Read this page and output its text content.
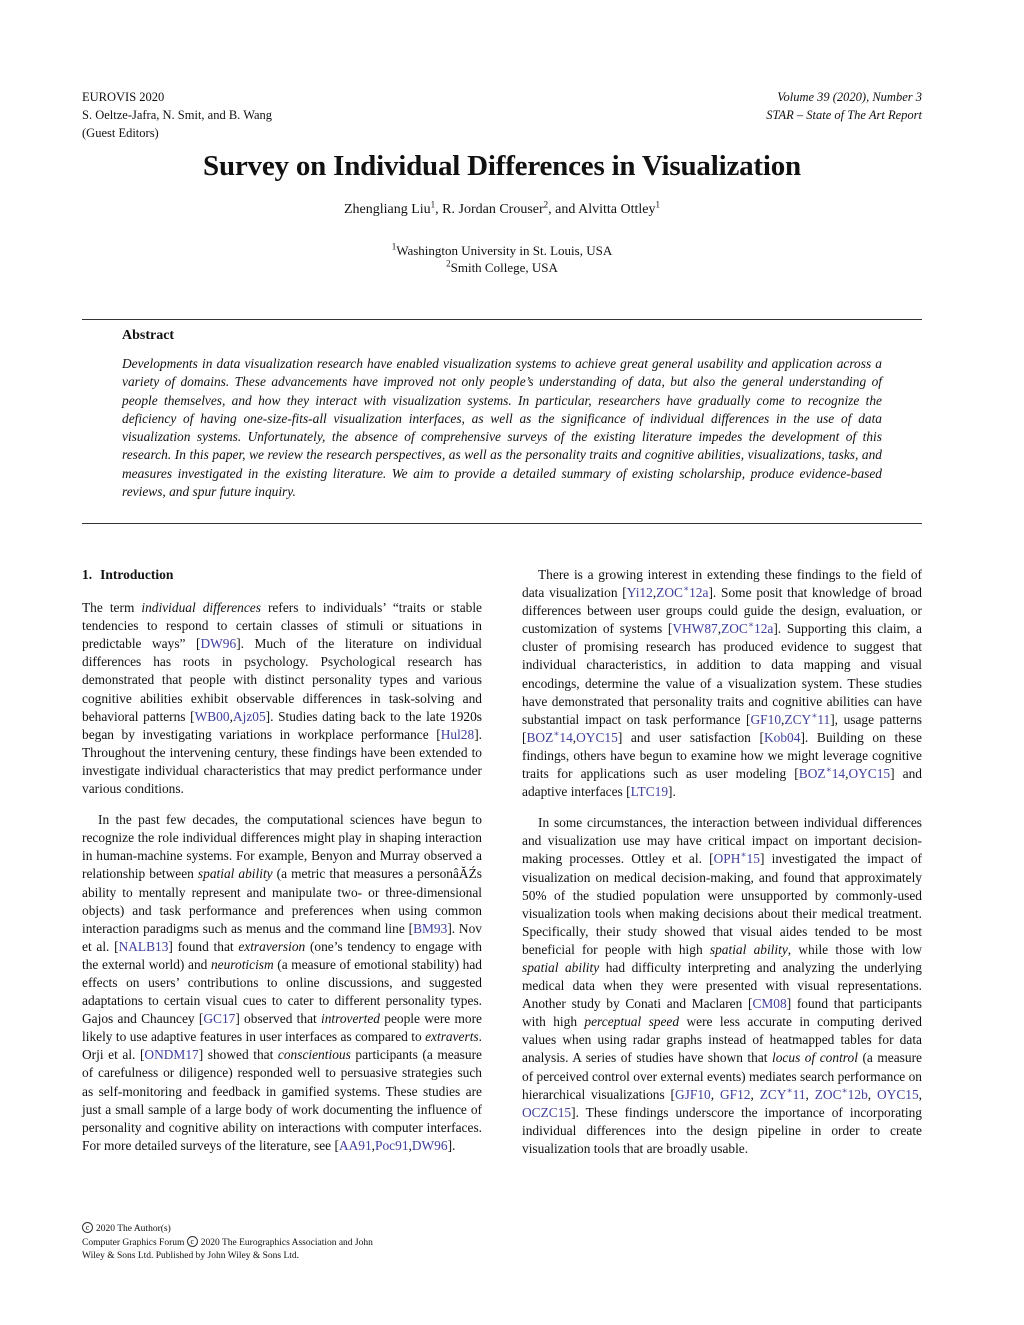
EUROVIS 2020
S. Oeltze-Jafra, N. Smit, and B. Wang
(Guest Editors)
Volume 39 (2020), Number 3
STAR – State of The Art Report
Survey on Individual Differences in Visualization
Zhengliang Liu$^1$, R. Jordan Crouser$^2$, and Alvitta Ottley$^1$
$^1$Washington University in St. Louis, USA
$^2$Smith College, USA
Abstract
Developments in data visualization research have enabled visualization systems to achieve great general usability and application across a variety of domains. These advancements have improved not only people’s understanding of data, but also the general understanding of people themselves, and how they interact with visualization systems. In particular, researchers have gradually come to recognize the deficiency of having one-size-fits-all visualization interfaces, as well as the significance of individual differences in the use of data visualization systems. Unfortunately, the absence of comprehensive surveys of the existing literature impedes the development of this research. In this paper, we review the research perspectives, as well as the personality traits and cognitive abilities, visualizations, tasks, and measures investigated in the existing literature. We aim to provide a detailed summary of existing scholarship, produce evidence-based reviews, and spur future inquiry.
1. Introduction

The term individual differences refers to individuals’ “traits or stable tendencies to respond to certain classes of stimuli or situations in predictable ways” [DW96]. Much of the literature on individual differences has roots in psychology. Psychological research has demonstrated that people with distinct personality types and various cognitive abilities exhibit observable differences in task-solving and behavioral patterns [WB00,Ajz05]. Studies dating back to the late 1920s began by investigating variations in workplace performance [Hul28]. Throughout the intervening century, these findings have been extended to investigate individual characteristics that may predict performance under various conditions.

In the past few decades, the computational sciences have begun to recognize the role individual differences might play in shaping interaction in human-machine systems. For example, Benyon and Murray observed a relationship between spatial ability (a metric that measures a personâĂŹs ability to mentally represent and manipulate two- or three-dimensional objects) and task performance and preferences when using common interaction paradigms such as menus and the command line [BM93]. Nov et al. [NALB13] found that extraversion (one’s tendency to engage with the external world) and neuroticism (a measure of emotional stability) had effects on users’ contributions to online discussions, and suggested adaptations to certain visual cues to cater to different personality types. Gajos and Chauncey [GC17] observed that introverted people were more likely to use adaptive features in user interfaces as compared to extraverts. Orji et al. [ONDM17] showed that conscientious participants (a measure of carefulness or diligence) responded well to persuasive strategies such as self-monitoring and feedback in gamified systems. These studies are just a small sample of a large body of work documenting the influence of personality and cognitive ability on interactions with computer interfaces. For more detailed surveys of the literature, see [AA91,Poc91,DW96].

There is a growing interest in extending these findings to the field of data visualization [Yi12,ZOC∗12a]. Some posit that knowledge of broad differences between user groups could guide the design, evaluation, or customization of systems [VHW87,ZOC∗12a]. Supporting this claim, a cluster of promising research has produced evidence to suggest that individual characteristics, in addition to data mapping and visual encodings, determine the value of a visualization system. These studies have demonstrated that personality traits and cognitive abilities can have substantial impact on task performance [GF10,ZCY∗11], usage patterns [BOZ∗14,OYC15] and user satisfaction [Kob04]. Building on these findings, others have begun to examine how we might leverage cognitive traits for applications such as user modeling [BOZ∗14,OYC15] and adaptive interfaces [LTC19].

In some circumstances, the interaction between individual differences and visualization use may have critical impact on important decision-making processes. Ottley et al. [OPH∗15] investigated the impact of visualization on medical decision-making, and found that approximately 50% of the studied population were unsupported by commonly-used visualization tools when making decisions about their medical treatment. Specifically, their study showed that visual aides tended to be most beneficial for people with high spatial ability, while those with low spatial ability had difficulty interpreting and analyzing the underlying medical data when they were presented with visual representations. Another study by Conati and Maclaren [CM08] found that participants with high perceptual speed were less accurate in computing derived values when using radar graphs instead of heatmapped tables for data analysis. A series of studies have shown that locus of control (a measure of perceived control over external events) mediates search performance on hierarchical visualizations [GJF10, GF12, ZCY∗11, ZOC∗12b, OYC15, OCZC15]. These findings underscore the importance of incorporating individual differences into the design pipeline in order to create visualization tools that are broadly usable.

c 2020 The Author(s)
Computer Graphics Forum c 2020 The Eurographics Association and John
Wiley & Sons Ltd. Published by John Wiley & Sons Ltd.
